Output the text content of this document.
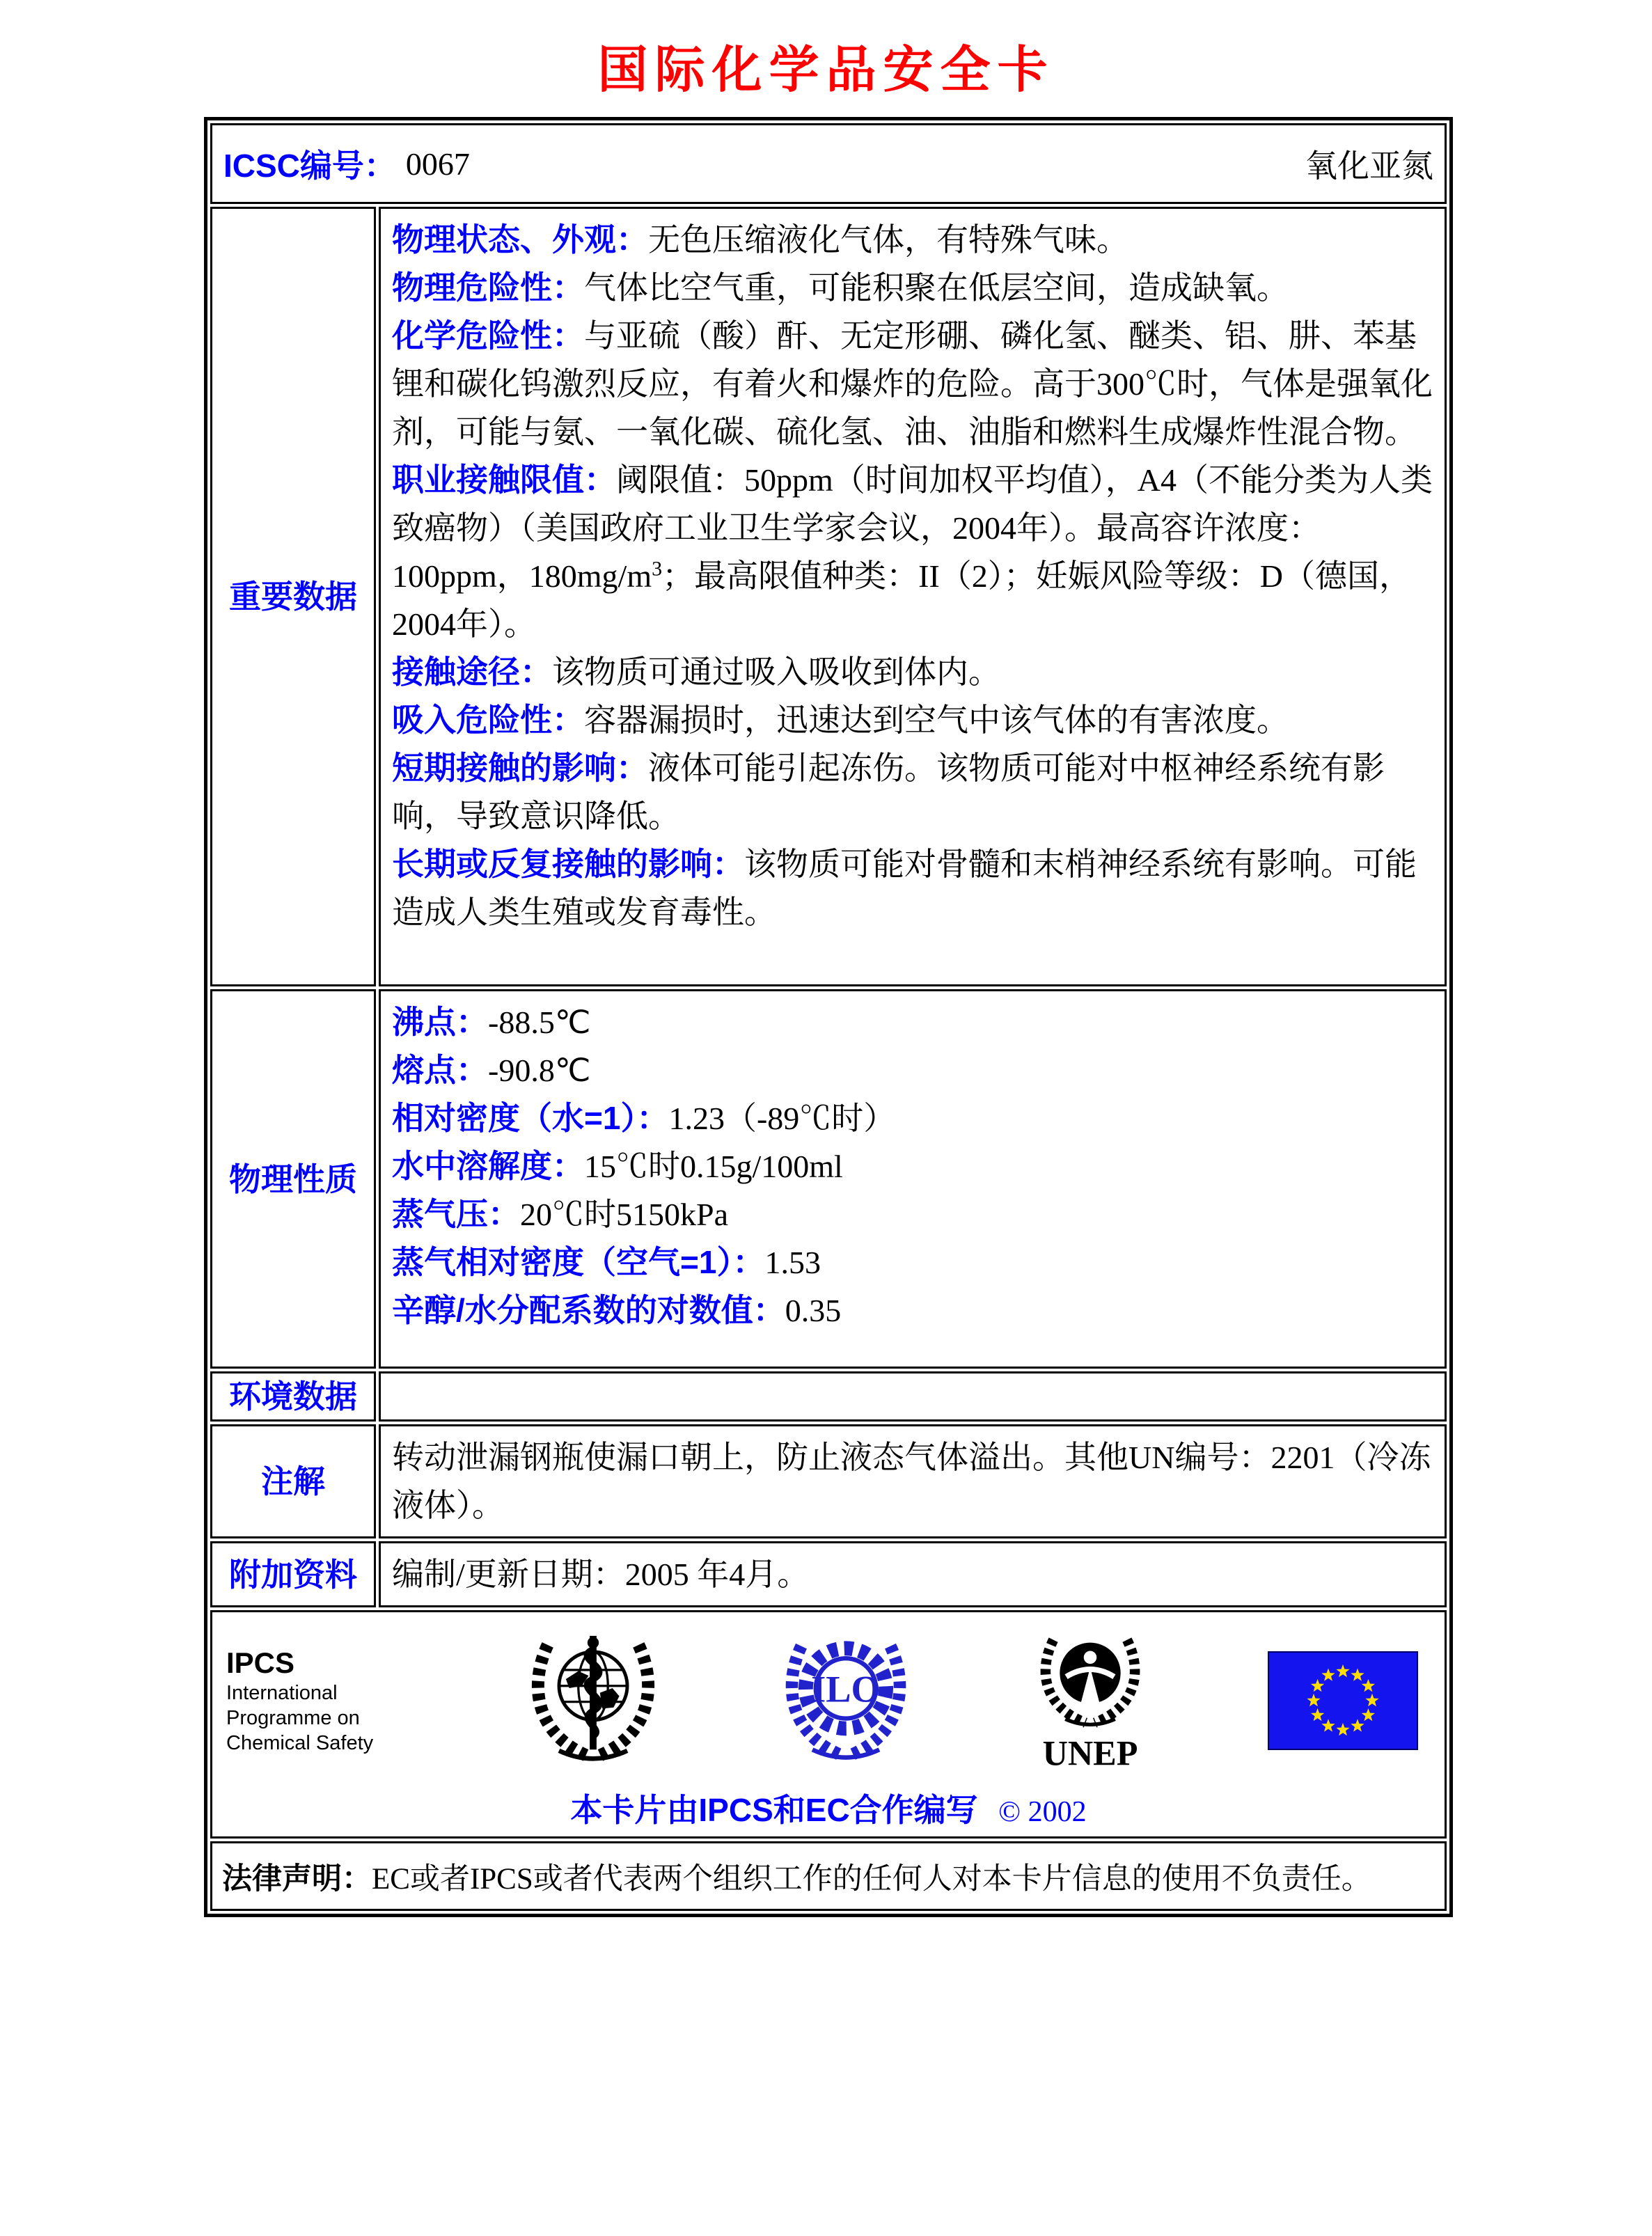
国际化学品安全卡
ICSC编号： 0067	氧化亚氮
重要数据

物理状态、外观：无色压缩液化气体，有特殊气味。

物理危险性：气体比空气重，可能积聚在低层空间，造成缺氧。

化学危险性：与亚硫（酸）酐、无定形硼、磷化氢、醚类、铝、肼、苯基锂和碳化钨激烈反应，有着火和爆炸的危险。高于300℃时，气体是强氧化剂，可能与氨、一氧化碳、硫化氢、油、油脂和燃料生成爆炸性混合物。

职业接触限值：阈限值：50ppm（时间加权平均值），A4（不能分类为人类致癌物）（美国政府工业卫生学家会议，2004年）。最高容许浓度：100ppm，$180mg/m^3$；最高限值种类：II（2）；妊娠风险等级：D（德国，2004年）。

接触途径：该物质可通过吸入吸收到体内。

吸入危险性：容器漏损时，迅速达到空气中该气体的有害浓度。

短期接触的影响：液体可能引起冻伤。该物质可能对中枢神经系统有影响，导致意识降低。

长期或反复接触的影响：该物质可能对骨髓和末梢神经系统有影响。可能造成人类生殖或发育毒性。

物理性质

沸点：-88.5℃

熔点：-90.8℃

相对密度（水=1）：1.23（-89℃时）

水中溶解度：15℃时0.15g/100ml

蒸气压：20℃时5150kPa

蒸气相对密度（空气=1）：1.53

辛醇/水分配系数的对数值：0.35

环境数据
注解
转动泄漏钢瓶使漏口朝上，防止液态气体溢出。其他UN编号：2201（冷冻液体）。
附加资料	编制/更新日期：2005 年4月。
IPCS
International
Programme on
Chemical Safety
ILO
UNEP
本卡片由IPCS和EC合作编写 © 2002
法律声明： EC或者IPCS或者代表两个组织工作的任何人对本卡片信息的使用不负责任。
